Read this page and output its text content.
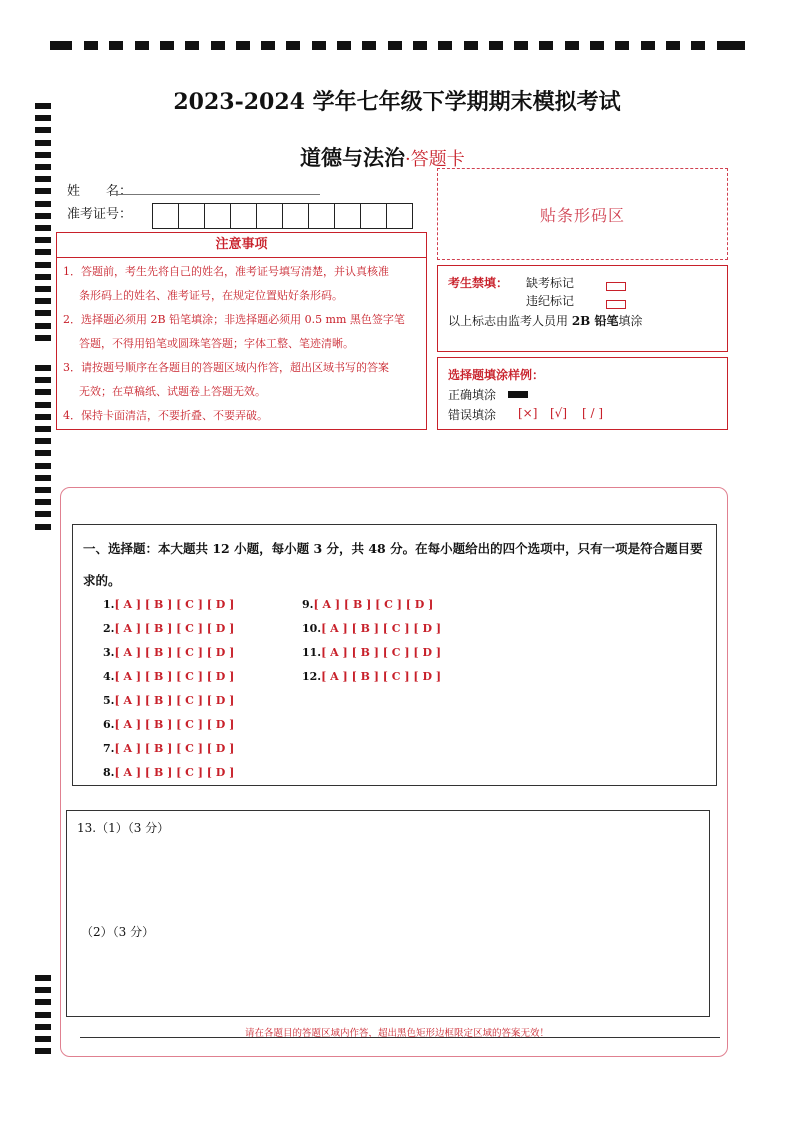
2023-2024 学年七年级下学期期末模拟考试
道德与法治·答题卡
姓　　名：
准考证号：	贴条形码区
注意事项
1．答题前，考生先将自己的姓名，准考证号填写清楚，并认真核准
条形码上的姓名、准考证号，在规定位置贴好条形码。
2．选择题必须用 2B 铅笔填涂；非选择题必须用 0.5 mm 黑色签字笔
答题，不得用铅笔或圆珠笔答题；字体工整、笔迹清晰。
3．请按题号顺序在各题目的答题区域内作答，超出区域书写的答案
无效；在草稿纸、试题卷上答题无效。
4．保持卡面清洁，不要折叠、不要弄破。
考生禁填： 缺考标记
违纪标记
以上标志由监考人员用 2B 铅笔填涂
选择题填涂样例：
正确填涂
错误填涂 [×] [√] [ / ]
一、选择题：本大题共 12 小题，每小题 3 分，共 48 分。在每小题给出的四个选项中，只有一项是符合题目要求的。
1.[ A ] [ B ] [ C ] [ D ]
2.[ A ] [ B ] [ C ] [ D ]
3.[ A ] [ B ] [ C ] [ D ]
4.[ A ] [ B ] [ C ] [ D ]
5.[ A ] [ B ] [ C ] [ D ]
6.[ A ] [ B ] [ C ] [ D ]
7.[ A ] [ B ] [ C ] [ D ]
8.[ A ] [ B ] [ C ] [ D ]
9.[ A ] [ B ] [ C ] [ D ]
10.[ A ] [ B ] [ C ] [ D ]
11.[ A ] [ B ] [ C ] [ D ]
12.[ A ] [ B ] [ C ] [ D ]
13.（1）（3 分）
（2）（3 分）
请在各题目的答题区域内作答，超出黑色矩形边框限定区域的答案无效！
